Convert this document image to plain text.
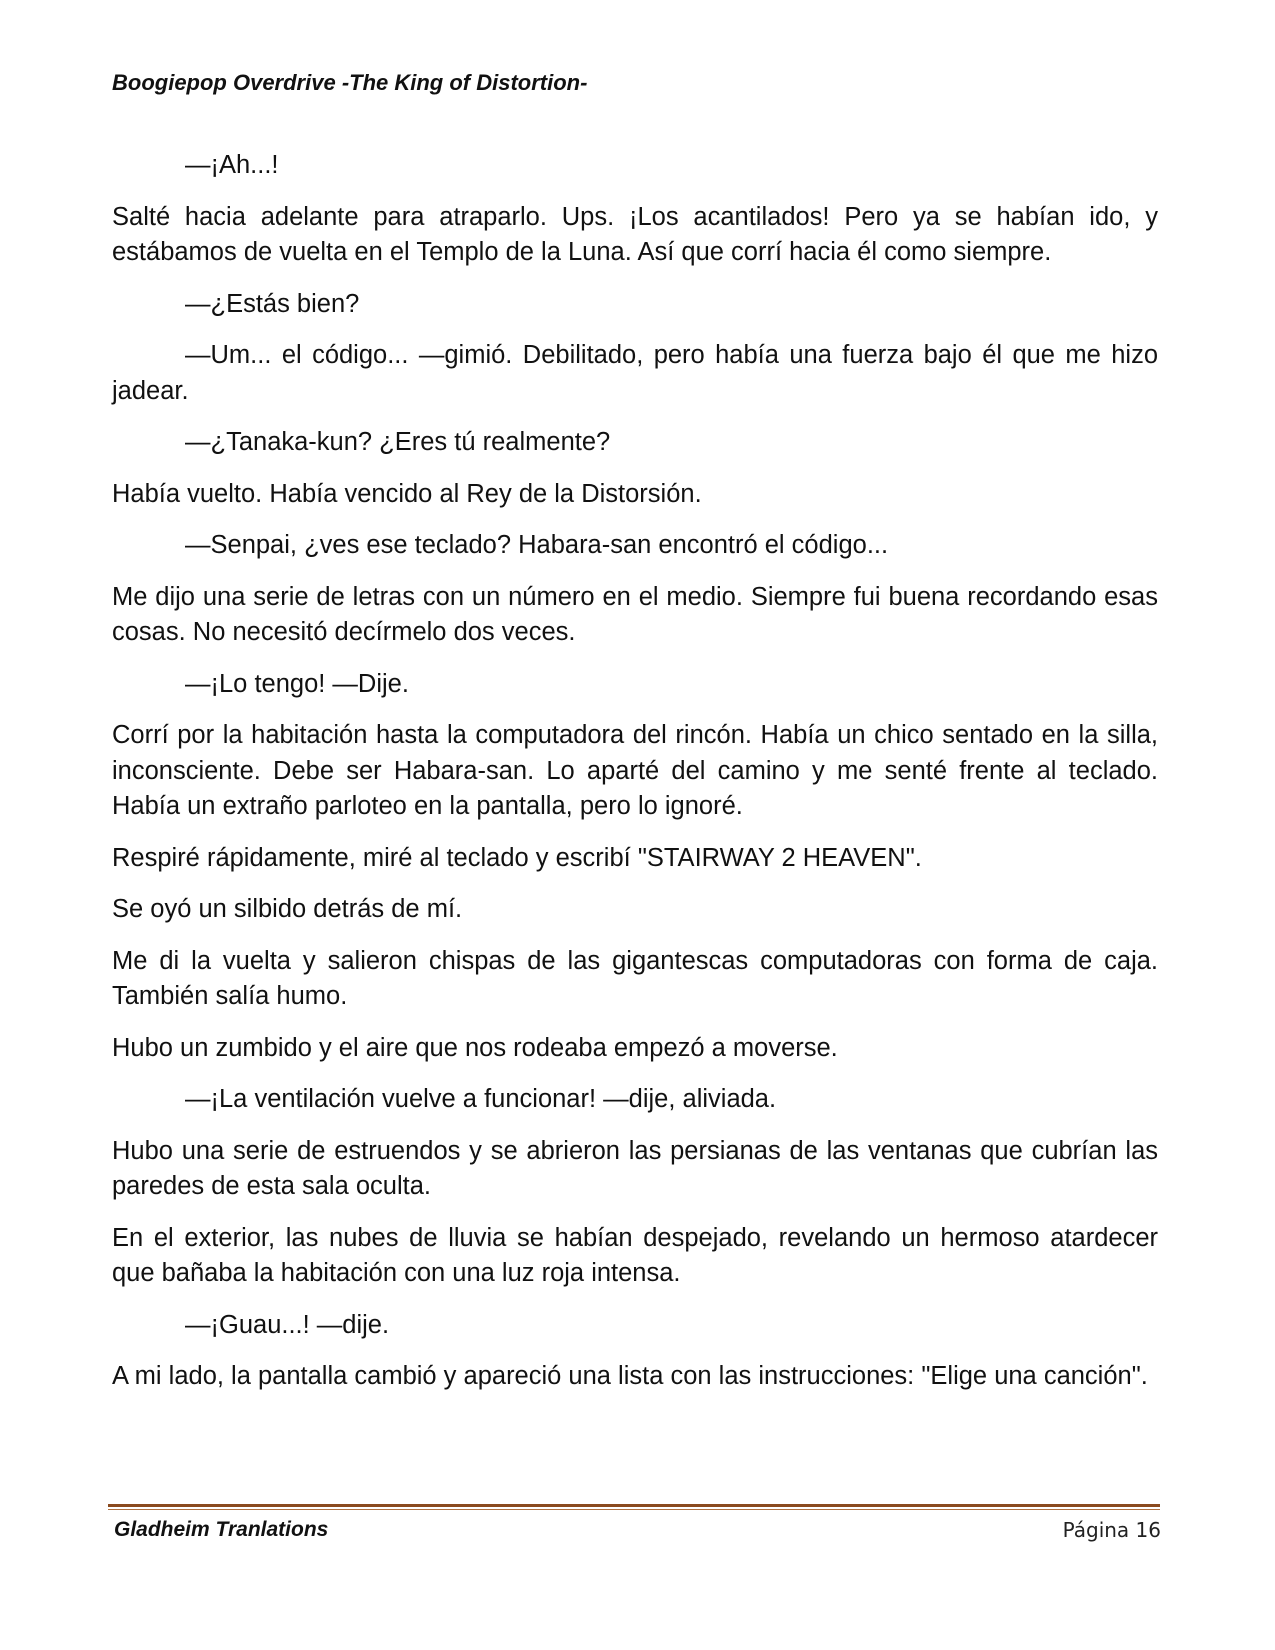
Boogiepop Overdrive -The King of Distortion-

—¡Ah...!

Salté hacia adelante para atraparlo. Ups. ¡Los acantilados! Pero ya se habían ido, y estábamos de vuelta en el Templo de la Luna. Así que corrí hacia él como siempre.

—¿Estás bien?

—Um... el código... —gimió. Debilitado, pero había una fuerza bajo él que me hizo jadear.

—¿Tanaka-kun? ¿Eres tú realmente?

Había vuelto. Había vencido al Rey de la Distorsión.

—Senpai, ¿ves ese teclado? Habara-san encontró el código...

Me dijo una serie de letras con un número en el medio. Siempre fui buena recordando esas cosas. No necesitó decírmelo dos veces.

—¡Lo tengo! —Dije.

Corrí por la habitación hasta la computadora del rincón. Había un chico sentado en la silla, inconsciente. Debe ser Habara-san. Lo aparté del camino y me senté frente al teclado. Había un extraño parloteo en la pantalla, pero lo ignoré.

Respiré rápidamente, miré al teclado y escribí "STAIRWAY 2 HEAVEN".

Se oyó un silbido detrás de mí.

Me di la vuelta y salieron chispas de las gigantescas computadoras con forma de caja. También salía humo.

Hubo un zumbido y el aire que nos rodeaba empezó a moverse.

—¡La ventilación vuelve a funcionar! —dije, aliviada.

Hubo una serie de estruendos y se abrieron las persianas de las ventanas que cubrían las paredes de esta sala oculta.

En el exterior, las nubes de lluvia se habían despejado, revelando un hermoso atardecer que bañaba la habitación con una luz roja intensa.

—¡Guau...! —dije.

A mi lado, la pantalla cambió y apareció una lista con las instrucciones: "Elige una canción".

Gladheim Tranlations	Página 16
